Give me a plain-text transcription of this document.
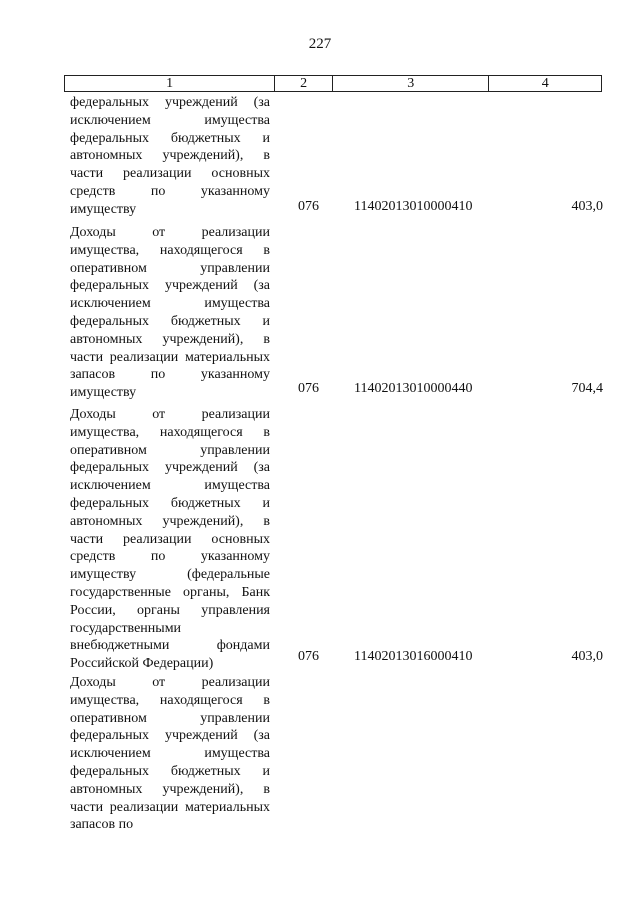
227
1	2	3	4
федеральных учреждений (за исключением имущества федеральных бюджетных и автономных учреждений), в части реализации основных средств по указанному имуществу	076	11402013010000410	403,0
Доходы от реализации имущества, находящегося в оперативном управлении федеральных учреждений (за исключением имущества федеральных бюджетных и автономных учреждений), в части реализации материальных запасов по указанному имуществу	076	11402013010000440	704,4
Доходы от реализации имущества, находящегося в оперативном управлении федеральных учреждений (за исключением имущества федеральных бюджетных и автономных учреждений), в части реализации основных средств по указанному имуществу (федеральные государственные органы, Банк России, органы управления государственными внебюджетными фондами Российской Федерации)	076	11402013016000410	403,0
Доходы от реализации имущества, находящегося в оперативном управлении федеральных учреждений (за исключением имущества федеральных бюджетных и автономных учреждений), в части реализации материальных запасов по
